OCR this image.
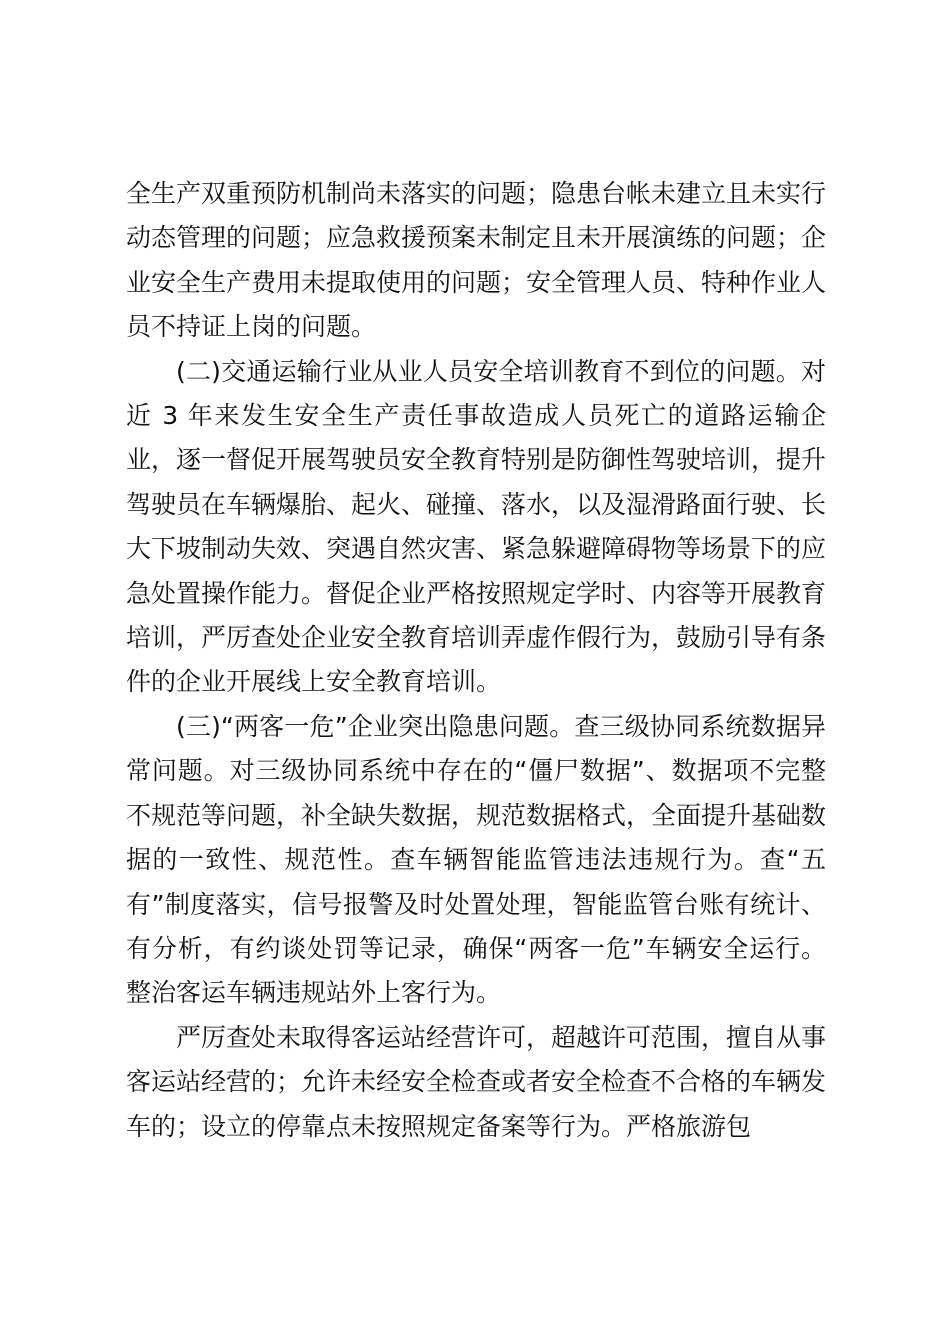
全生产双重预防机制尚未落实的问题；隐患台帐未建立且未实行动态管理的问题；应急救援预案未制定且未开展演练的问题；企业安全生产费用未提取使用的问题；安全管理人员、特种作业人员不持证上岗的问题。

(二)交通运输行业从业人员安全培训教育不到位的问题。对近 3 年来发生安全生产责任事故造成人员死亡的道路运输企业，逐一督促开展驾驶员安全教育特别是防御性驾驶培训，提升驾驶员在车辆爆胎、起火、碰撞、落水，以及湿滑路面行驶、长大下坡制动失效、突遇自然灾害、紧急躲避障碍物等场景下的应急处置操作能力。督促企业严格按照规定学时、内容等开展教育培训，严厉查处企业安全教育培训弄虚作假行为，鼓励引导有条件的企业开展线上安全教育培训。

(三)“两客一危”企业突出隐患问题。查三级协同系统数据异常问题。对三级协同系统中存在的“僵尸数据”、数据项不完整不规范等问题，补全缺失数据，规范数据格式，全面提升基础数据的一致性、规范性。查车辆智能监管违法违规行为。查“五有”制度落实，信号报警及时处置处理，智能监管台账有统计、有分析，有约谈处罚等记录，确保“两客一危”车辆安全运行。整治客运车辆违规站外上客行为。

严厉查处未取得客运站经营许可，超越许可范围，擅自从事客运站经营的；允许未经安全检查或者安全检查不合格的车辆发车的；设立的停靠点未按照规定备案等行为。严格旅游包
